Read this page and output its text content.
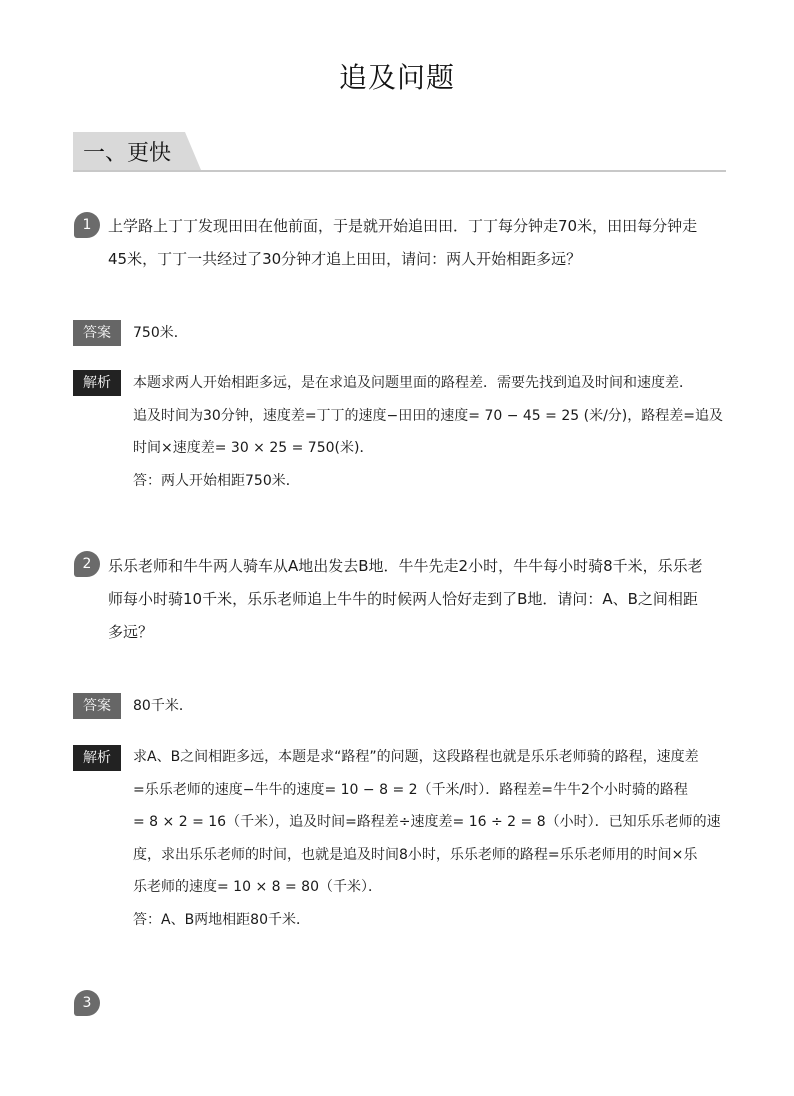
追及问题
一、更快
1	上学路上丁丁发现田田在他前面，于是就开始追田田．丁丁每分钟走70米，田田每分钟走
45米，丁丁一共经过了30分钟才追上田田，请问：两人开始相距多远？
答案	750米．
解析	本题求两人开始相距多远，是在求追及问题里面的路程差．需要先找到追及时间和速度差．
追及时间为30分钟，速度差=丁丁的速度−田田的速度= 70 − 45 = 25 (米/分)，路程差=追及
时间×速度差= 30 × 25 = 750(米)．
答：两人开始相距750米．
2	乐乐老师和牛牛两人骑车从A地出发去B地．牛牛先走2小时，牛牛每小时骑8千米，乐乐老
师每小时骑10千米，乐乐老师追上牛牛的时候两人恰好走到了B地．请问：A、B之间相距
多远？
答案	80千米．
解析	求A、B之间相距多远，本题是求“路程”的问题，这段路程也就是乐乐老师骑的路程，速度差
=乐乐老师的速度−牛牛的速度= 10 − 8 = 2（千米/时）．路程差=牛牛2个小时骑的路程
= 8 × 2 = 16（千米），追及时间=路程差÷速度差= 16 ÷ 2 = 8（小时）．已知乐乐老师的速
度，求出乐乐老师的时间，也就是追及时间8小时，乐乐老师的路程=乐乐老师用的时间×乐
乐老师的速度= 10 × 8 = 80（千米）．
答：A、B两地相距80千米．
3
